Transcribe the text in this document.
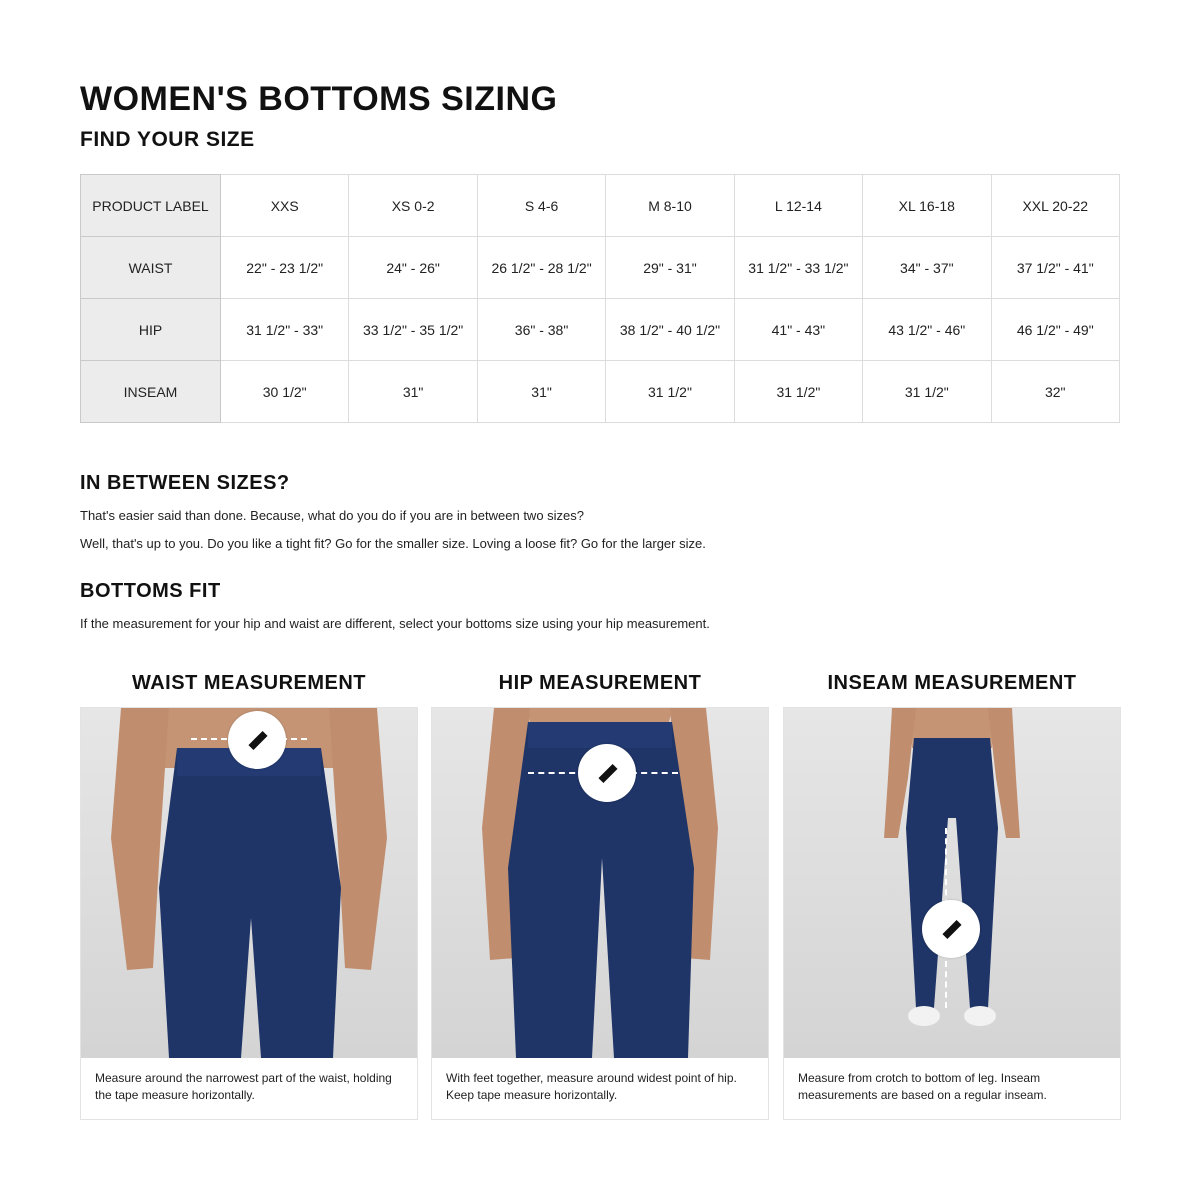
WOMEN'S BOTTOMS SIZING
FIND YOUR SIZE
PRODUCT LABEL	XXS	XS 0-2	S 4-6	M 8-10	L 12-14	XL 16-18	XXL 20-22
WAIST	22" - 23 1/2"	24" - 26"	26 1/2" - 28 1/2"	29" - 31"	31 1/2" - 33 1/2"	34" - 37"	37 1/2" - 41"
HIP	31 1/2" - 33"	33 1/2" - 35 1/2"	36" - 38"	38 1/2" - 40 1/2"	41" - 43"	43 1/2" - 46"	46 1/2" - 49"
INSEAM	30 1/2"	31"	31"	31 1/2"	31 1/2"	31 1/2"	32"
IN BETWEEN SIZES?
That's easier said than done. Because, what do you do if you are in between two sizes?
Well, that's up to you. Do you like a tight fit? Go for the smaller size. Loving a loose fit? Go for the larger size.
BOTTOMS FIT
If the measurement for your hip and waist are different, select your bottoms size using your hip measurement.
WAIST MEASUREMENT	HIP MEASUREMENT	INSEAM MEASUREMENT
Measure around the narrowest part of the waist, holding the tape measure horizontally.
With feet together, measure around widest point of hip. Keep tape measure horizontally.
Measure from crotch to bottom of leg. Inseam measurements are based on a regular inseam.
